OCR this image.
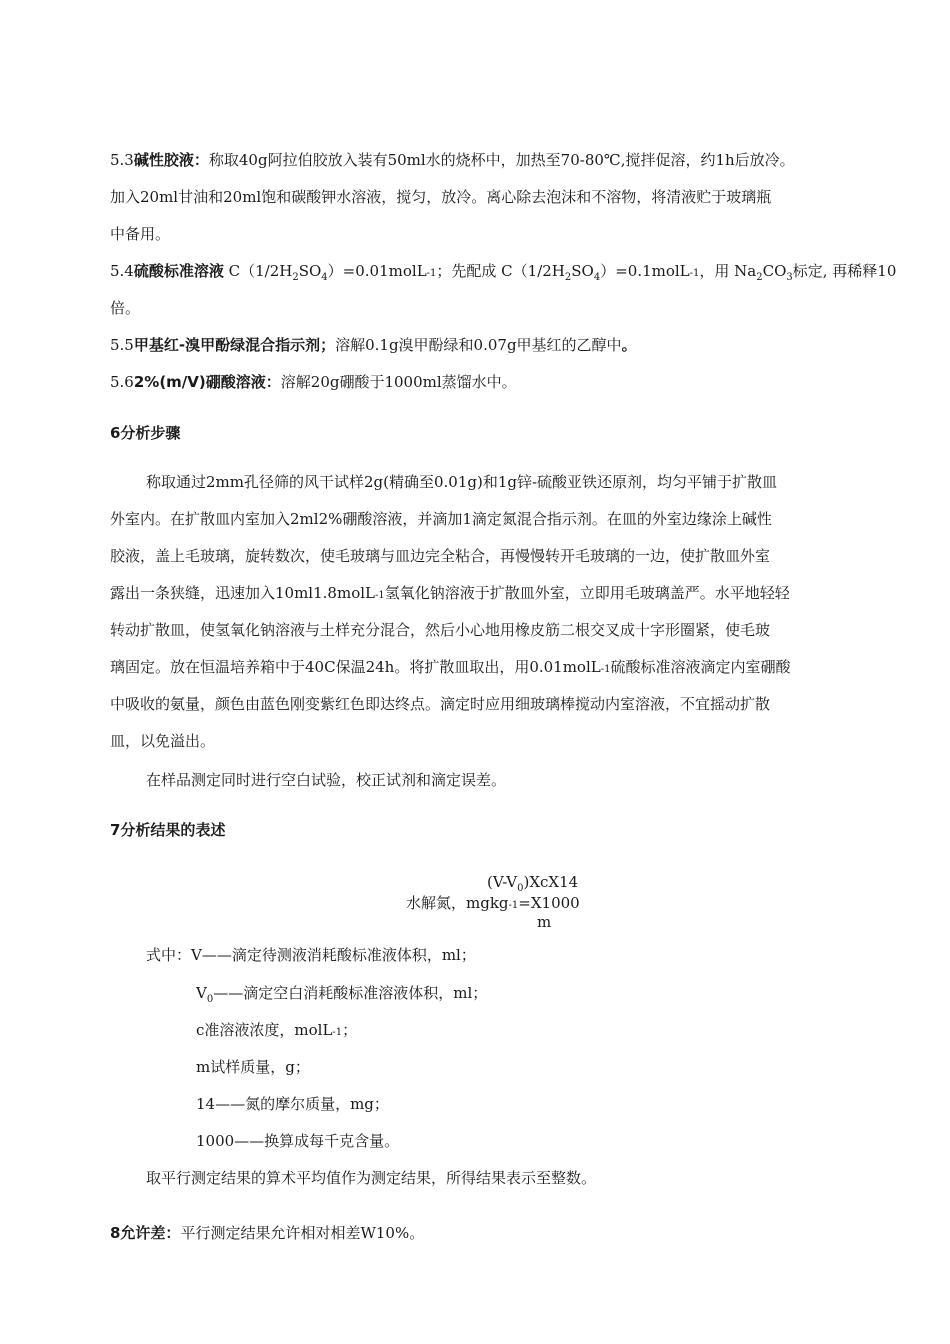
5.3碱性胶液：称取40g阿拉伯胶放入装有50ml水的烧杯中，加热至70-80℃,搅拌促溶，约1h后放冷。
加入20ml甘油和20ml饱和碳酸钾水溶液，搅匀，放冷。离心除去泡沫和不溶物，将清液贮于玻璃瓶
中备用。
5.4硫酸标准溶液 $C(1/2H_2SO_4)=0.01molL-1$；先配成 $C(1/2H_2SO_4)=0.1molL-1$，用 $Na_2CO_3$标定, 再稀释10
倍。
5.5甲基红-溴甲酚绿混合指示剂；溶解0.1g溴甲酚绿和0.07g甲基红的乙醇中。
5.62%(m/V)硼酸溶液：溶解20g硼酸于1000ml蒸馏水中。
6分析步骤
称取通过2mm孔径筛的风干试样2g(精确至0.01g)和1g锌-硫酸亚铁还原剂，均匀平铺于扩散皿
外室内。在扩散皿内室加入2ml2%硼酸溶液，并滴加1滴定氮混合指示剂。在皿的外室边缘涂上碱性
胶液，盖上毛玻璃，旋转数次，使毛玻璃与皿边完全粘合，再慢慢转开毛玻璃的一边，使扩散皿外室
露出一条狭缝，迅速加入10ml1.8molL-1氢氧化钠溶液于扩散皿外室，立即用毛玻璃盖严。水平地轻轻
转动扩散皿，使氢氧化钠溶液与土样充分混合，然后小心地用橡皮筋二根交叉成十字形圈紧，使毛玻
璃固定。放在恒温培养箱中于40C保温24h。将扩散皿取出，用0.01molL-1硫酸标准溶液滴定内室硼酸
中吸收的氨量，颜色由蓝色刚变紫红色即达终点。滴定时应用细玻璃棒搅动内室溶液，不宜摇动扩散
皿，以免溢出。
在样品测定同时进行空白试验，校正试剂和滴定误差。
7分析结果的表述
$(V-V_0)XcX14$
水解氮，mgkg-1=X1000
m
式中：V——滴定待测液消耗酸标准液体积，ml；
$V_0——$滴定空白消耗酸标准溶液体积，ml；
c准溶液浓度，molL-1；
m试样质量，g；
14——氮的摩尔质量，mg；
1000——换算成每千克含量。
取平行测定结果的算术平均值作为测定结果，所得结果表示至整数。
8允许差：平行测定结果允许相对相差W10%。
